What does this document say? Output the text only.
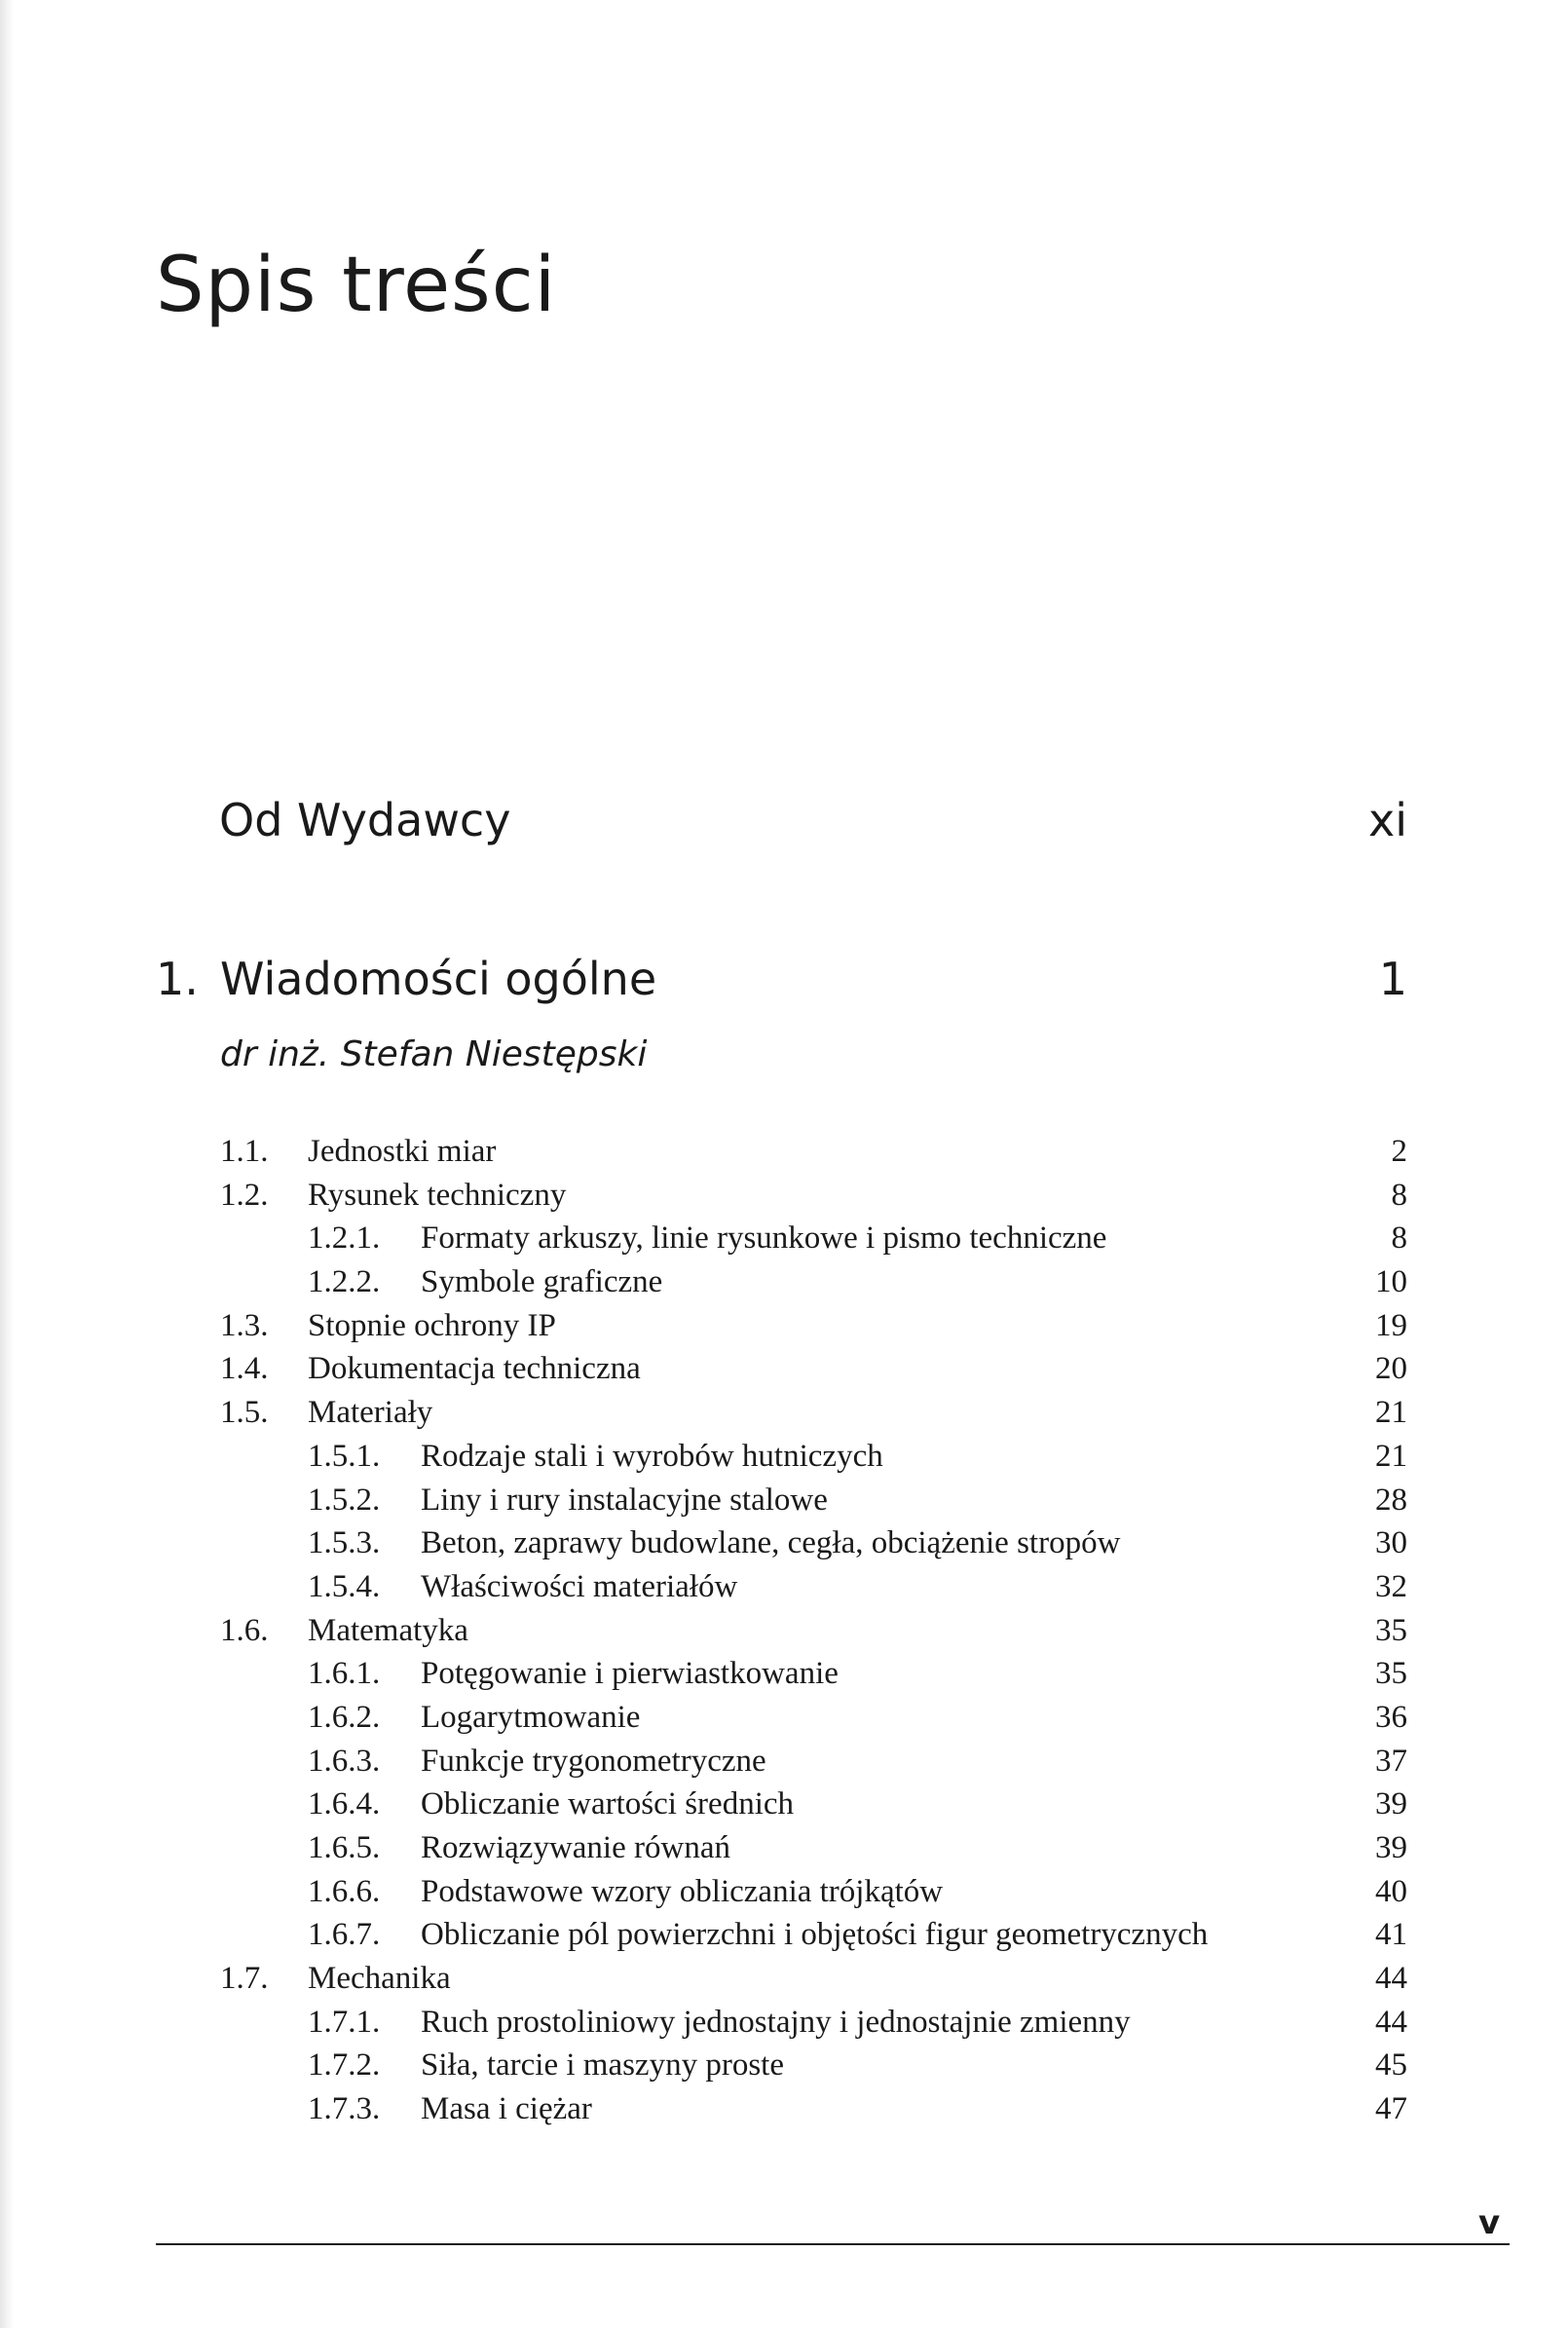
Spis treści
Od Wydawcy	xi
1. Wiadomości ogólne	1
dr inż. Stefan Niestępski
1.1. Jednostki miar	2
1.2. Rysunek techniczny	8
1.2.1. Formaty arkuszy, linie rysunkowe i pismo techniczne	8
1.2.2. Symbole graficzne	10
1.3. Stopnie ochrony IP	19
1.4. Dokumentacja techniczna	20
1.5. Materiały	21
1.5.1. Rodzaje stali i wyrobów hutniczych	21
1.5.2. Liny i rury instalacyjne stalowe	28
1.5.3. Beton, zaprawy budowlane, cegła, obciążenie stropów	30
1.5.4. Właściwości materiałów	32
1.6. Matematyka	35
1.6.1. Potęgowanie i pierwiastkowanie	35
1.6.2. Logarytmowanie	36
1.6.3. Funkcje trygonometryczne	37
1.6.4. Obliczanie wartości średnich	39
1.6.5. Rozwiązywanie równań	39
1.6.6. Podstawowe wzory obliczania trójkątów	40
1.6.7. Obliczanie pól powierzchni i objętości figur geometrycznych	41
1.7. Mechanika	44
1.7.1. Ruch prostoliniowy jednostajny i jednostajnie zmienny	44
1.7.2. Siła, tarcie i maszyny proste	45
1.7.3. Masa i ciężar	47
v
